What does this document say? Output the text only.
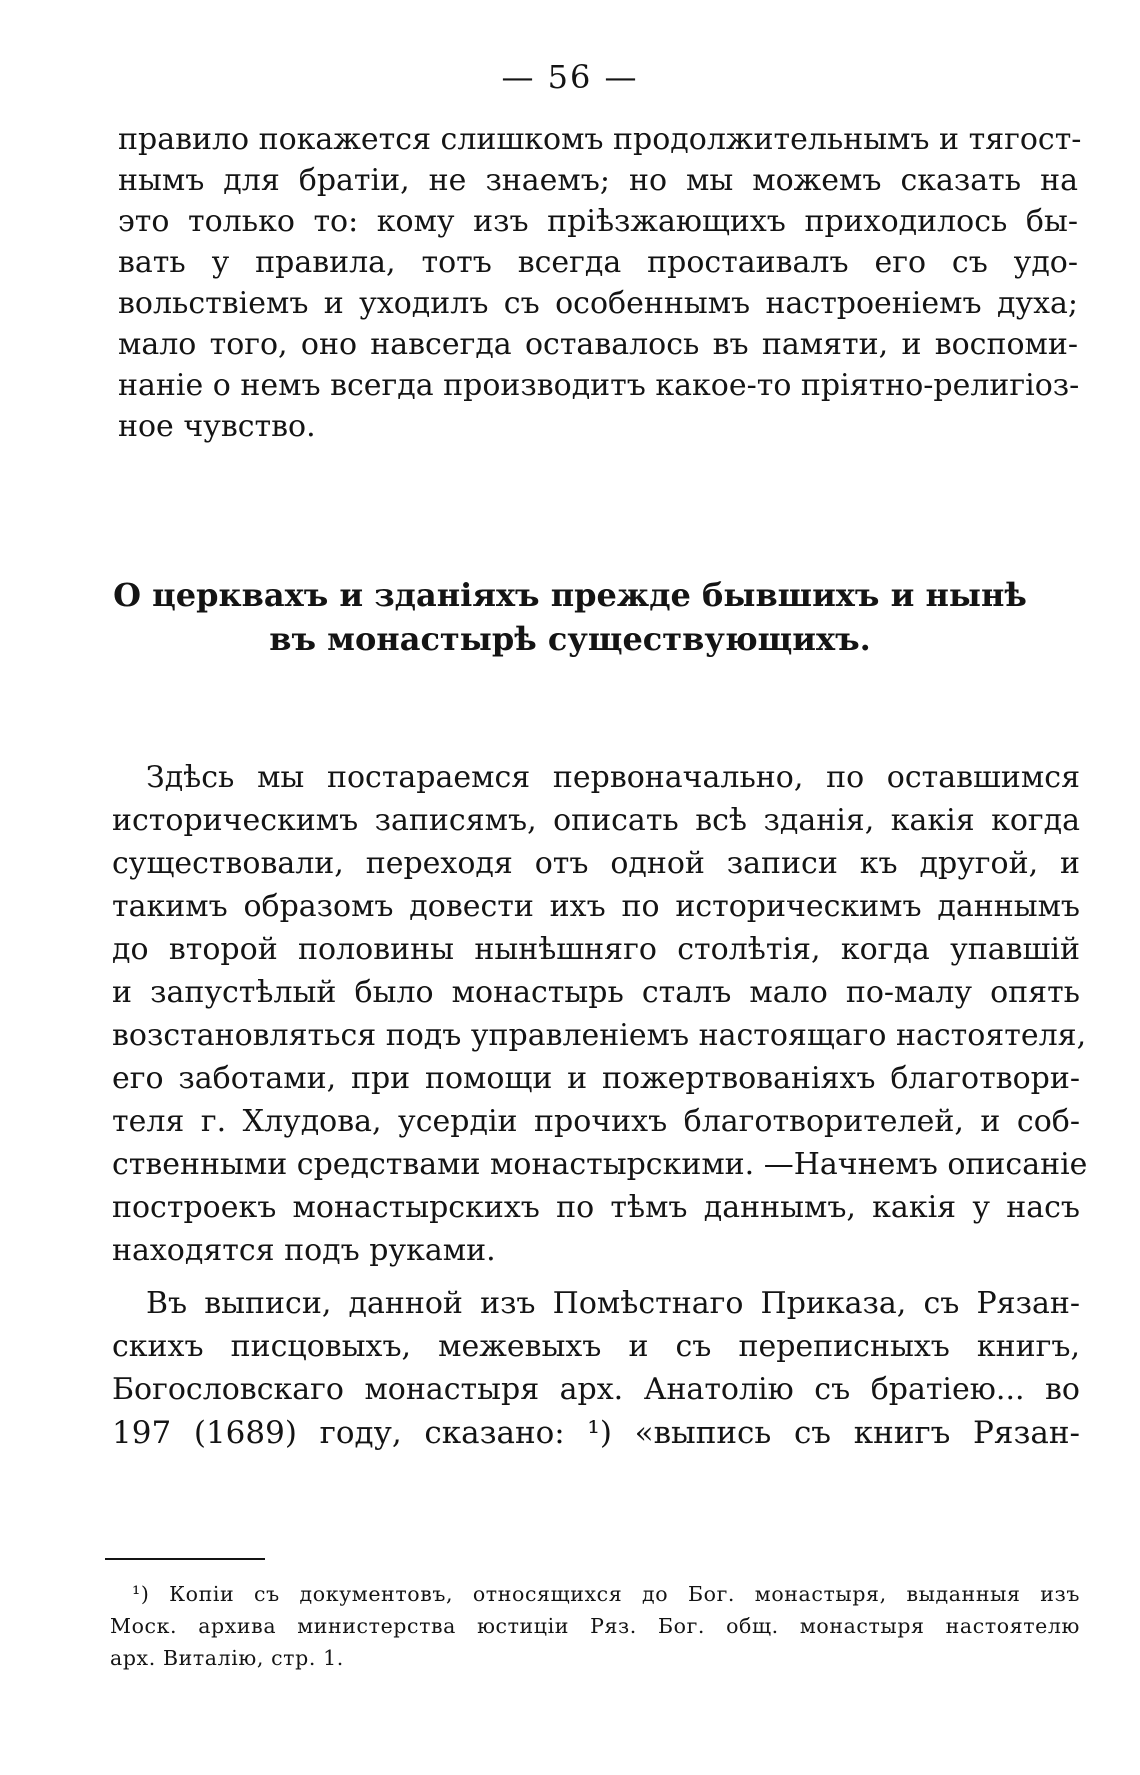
— 56 —

правило покажется слишкомъ продолжительнымъ и тягост-

нымъ для братіи, не знаемъ; но мы можемъ сказать на

это только то: кому изъ пріѣзжающихъ приходилось бы-

вать у правила, тотъ всегда простаивалъ его съ удо-

вольствіемъ и уходилъ съ особеннымъ настроеніемъ духа;

мало того, оно навсегда оставалось въ памяти, и воспоми-

наніе о немъ всегда производитъ какое-то пріятно-религіоз-

ное чувство.

О церквахъ и зданіяхъ прежде бывшихъ и нынѣ

въ монастырѣ существующихъ.

Здѣсь мы постараемся первоначально, по оставшимся

историческимъ записямъ, описать всѣ зданія, какія когда

существовали, переходя отъ одной записи къ другой, и

такимъ образомъ довести ихъ по историческимъ даннымъ

до второй половины нынѣшняго столѣтія, когда упавшій

и запустѣлый было монастырь сталъ мало по-малу опять

возстановляться подъ управленіемъ настоящаго настоятеля,

его заботами, при помощи и пожертвованіяхъ благотвори-

теля г. Хлудова, усердіи прочихъ благотворителей, и соб-

ственными средствами монастырскими. —Начнемъ описаніе

построекъ монастырскихъ по тѣмъ даннымъ, какія у насъ

находятся подъ руками.

Въ выписи, данной изъ Помѣстнаго Приказа, съ Рязан-

скихъ писцовыхъ, межевыхъ и съ переписныхъ книгъ,

Богословскаго монастыря арх. Анатолію съ братіею... во

197 (1689) году, сказано: ¹) «выпись съ книгъ Рязан-

¹) Копіи съ документовъ, относящихся до Бог. монастыря, выданныя изъ

Моск. архива министерства юстиціи Ряз. Бог. общ. монастыря настоятелю

арх. Виталію, стр. 1.
